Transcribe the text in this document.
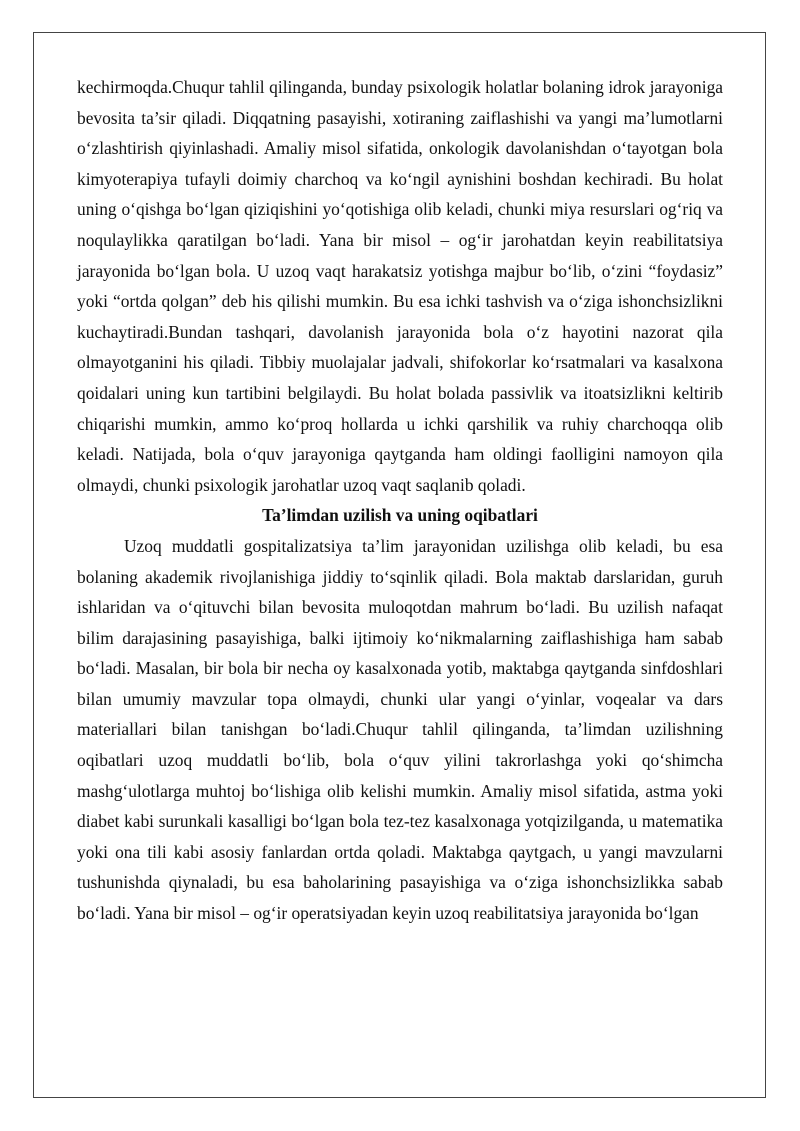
kechirmoqda.Chuqur tahlil qilinganda, bunday psixologik holatlar bolaning idrok jarayoniga bevosita ta’sir qiladi. Diqqatning pasayishi, xotiraning zaiflashishi va yangi ma’lumotlarni o‘zlashtirish qiyinlashadi. Amaliy misol sifatida, onkologik davolanishdan o‘tayotgan bola kimyoterapiya tufayli doimiy charchoq va ko‘ngil aynishini boshdan kechiradi. Bu holat uning o‘qishga bo‘lgan qiziqishini yo‘qotishiga olib keladi, chunki miya resurslari og‘riq va noqulaylikka qaratilgan bo‘ladi. Yana bir misol – og‘ir jarohatdan keyin reabilitatsiya jarayonida bo‘lgan bola. U uzoq vaqt harakatsiz yotishga majbur bo‘lib, o‘zini “foydasiz” yoki “ortda qolgan” deb his qilishi mumkin. Bu esa ichki tashvish va o‘ziga ishonchsizlikni kuchaytiradi.Bundan tashqari, davolanish jarayonida bola o‘z hayotini nazorat qila olmayotganini his qiladi. Tibbiy muolajalar jadvali, shifokorlar ko‘rsatmalari va kasalxona qoidalari uning kun tartibini belgilaydi. Bu holat bolada passivlik va itoatsizlikni keltirib chiqarishi mumkin, ammo ko‘proq hollarda u ichki qarshilik va ruhiy charchoqqa olib keladi. Natijada, bola o‘quv jarayoniga qaytganda ham oldingi faolligini namoyon qila olmaydi, chunki psixologik jarohatlar uzoq vaqt saqlanib qoladi.

Ta’limdan uzilish va uning oqibatlari

Uzoq muddatli gospitalizatsiya ta’lim jarayonidan uzilishga olib keladi, bu esa bolaning akademik rivojlanishiga jiddiy to‘sqinlik qiladi. Bola maktab darslaridan, guruh ishlaridan va o‘qituvchi bilan bevosita muloqotdan mahrum bo‘ladi. Bu uzilish nafaqat bilim darajasining pasayishiga, balki ijtimoiy ko‘nikmalarning zaiflashishiga ham sabab bo‘ladi. Masalan, bir bola bir necha oy kasalxonada yotib, maktabga qaytganda sinfdoshlari bilan umumiy mavzular topa olmaydi, chunki ular yangi o‘yinlar, voqealar va dars materiallari bilan tanishgan bo‘ladi.Chuqur tahlil qilinganda, ta’limdan uzilishning oqibatlari uzoq muddatli bo‘lib, bola o‘quv yilini takrorlashga yoki qo‘shimcha mashg‘ulotlarga muhtoj bo‘lishiga olib kelishi mumkin. Amaliy misol sifatida, astma yoki diabet kabi surunkali kasalligi bo‘lgan bola tez-tez kasalxonaga yotqizilganda, u matematika yoki ona tili kabi asosiy fanlardan ortda qoladi. Maktabga qaytgach, u yangi mavzularni tushunishda qiynaladi, bu esa baholarining pasayishiga va o‘ziga ishonchsizlikka sabab bo‘ladi. Yana bir misol – og‘ir operatsiyadan keyin uzoq reabilitatsiya jarayonida bo‘lgan
